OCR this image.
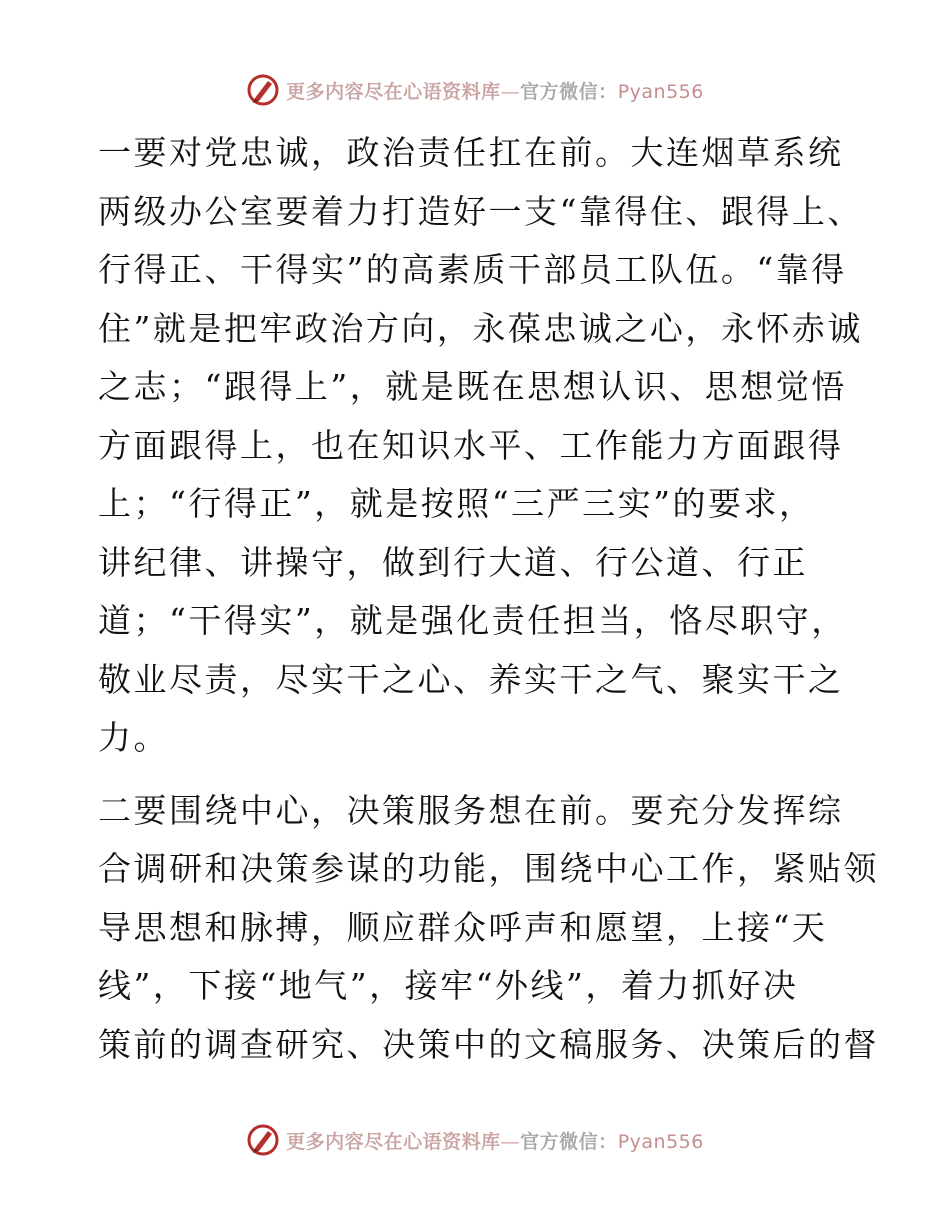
更多内容尽在心语资料库—官方微信：Pyan556
一要对党忠诚，政治责任扛在前。大连烟草系统
两级办公室要着力打造好一支“靠得住、跟得上、
行得正、干得实”的高素质干部员工队伍。“靠得
住”就是把牢政治方向，永葆忠诚之心，永怀赤诚
之志；“跟得上”，就是既在思想认识、思想觉悟
方面跟得上，也在知识水平、工作能力方面跟得
上；“行得正”，就是按照“三严三实”的要求，
讲纪律、讲操守，做到行大道、行公道、行正
道；“干得实”，就是强化责任担当，恪尽职守，
敬业尽责，尽实干之心、养实干之气、聚实干之
力。
二要围绕中心，决策服务想在前。要充分发挥综
合调研和决策参谋的功能，围绕中心工作，紧贴领
导思想和脉搏，顺应群众呼声和愿望，上接“天
线”，下接“地气”，接牢“外线”，着力抓好决
策前的调查研究、决策中的文稿服务、决策后的督
更多内容尽在心语资料库—官方微信：Pyan556
